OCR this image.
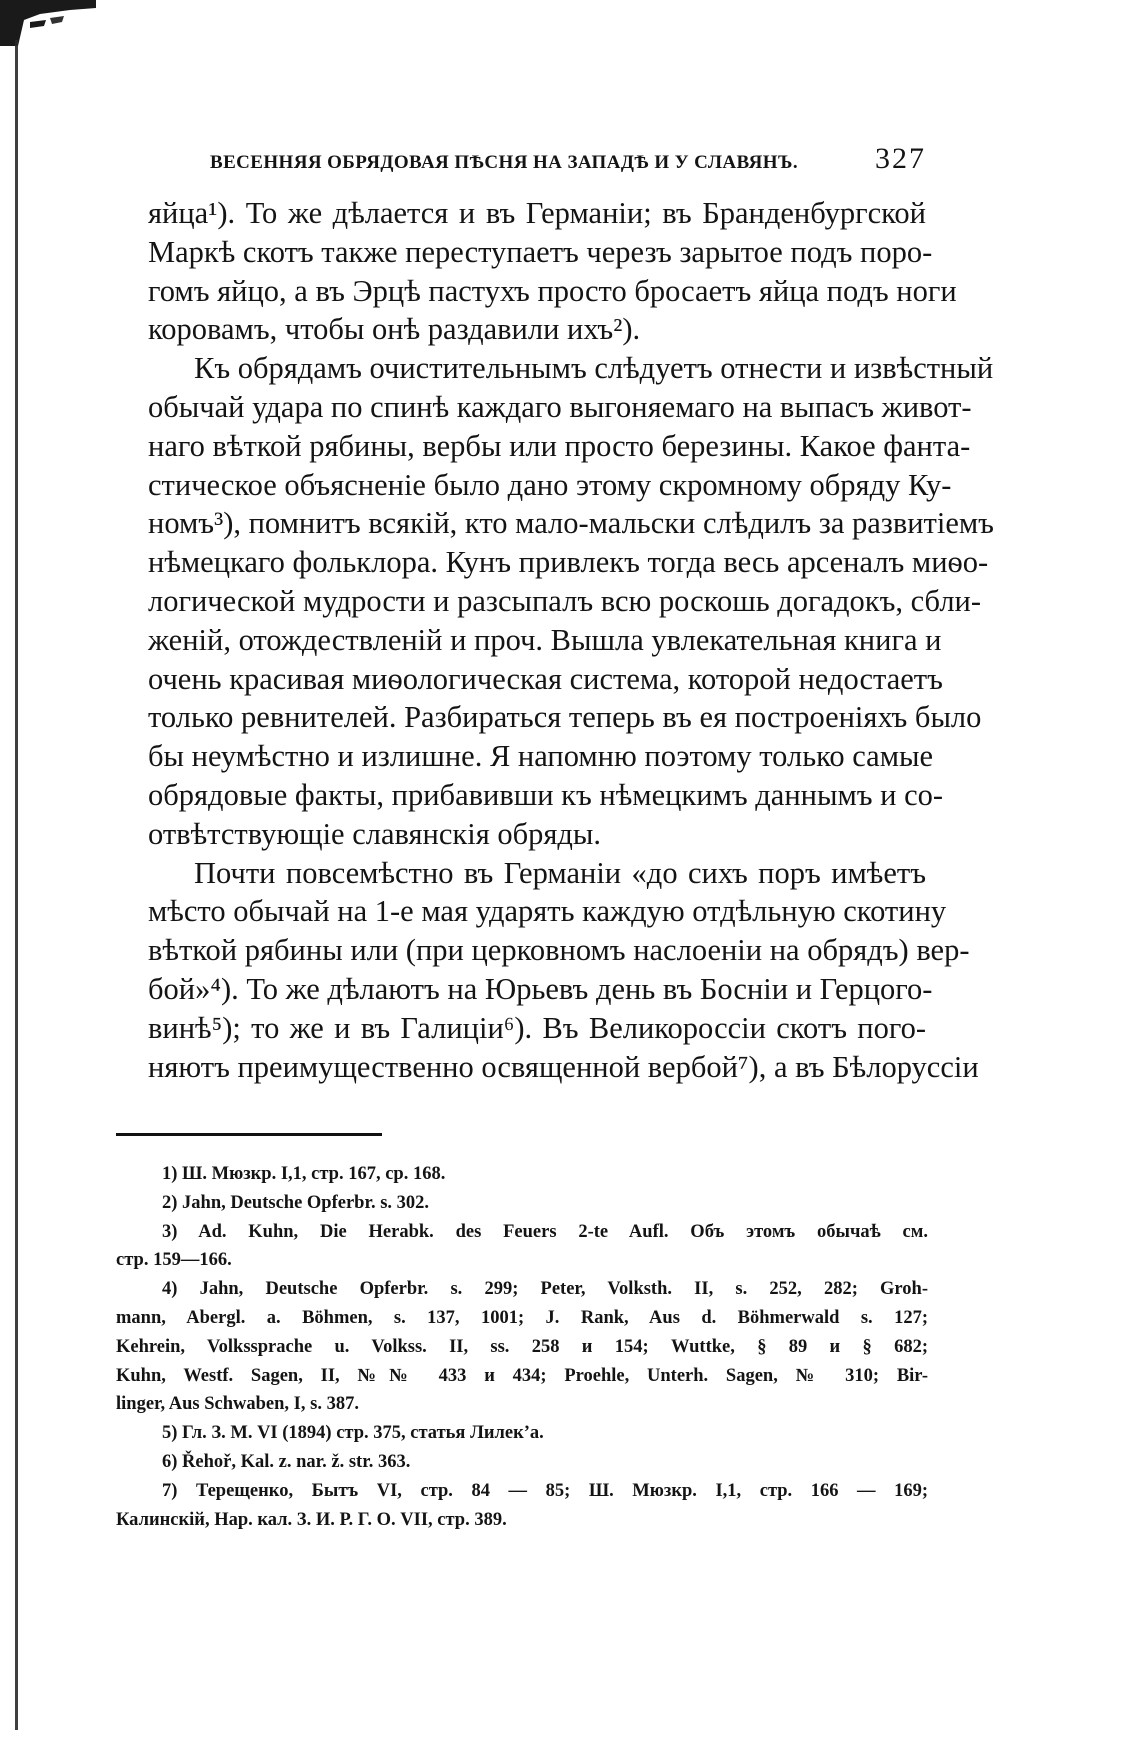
ВЕСЕННЯЯ ОБРЯДОВАЯ ПѢСНЯ НА ЗАПАДѢ И У СЛАВЯНЪ.	327
яйца¹). То же дѣлается и въ Германіи; въ Бранденбургской
Маркѣ скотъ также переступаетъ черезъ зарытое подъ поро-
гомъ яйцо, а въ Эрцѣ пастухъ просто бросаетъ яйца подъ ноги
коровамъ, чтобы онѣ раздавили ихъ²).
Къ обрядамъ очистительнымъ слѣдуетъ отнести и извѣстный
обычай удара по спинѣ каждаго выгоняемаго на выпасъ живот-
наго вѣткой рябины, вербы или просто березины. Какое фанта-
стическое объясненіе было дано этому скромному обряду Ку-
номъ³), помнитъ всякій, кто мало-мальски слѣдилъ за развитіемъ
нѣмецкаго фольклора. Кунъ привлекъ тогда весь арсеналъ миѳо-
логической мудрости и разсыпалъ всю роскошь догадокъ, сбли-
женій, отождествленій и проч. Вышла увлекательная книга и
очень красивая миѳологическая система, которой недостаетъ
только ревнителей. Разбираться теперь въ ея построеніяхъ было
бы неумѣстно и излишне. Я напомню поэтому только самые
обрядовые факты, прибавивши къ нѣмецкимъ даннымъ и со-
отвѣтствующіе славянскія обряды.
Почти повсемѣстно въ Германіи «до сихъ поръ имѣетъ
мѣсто обычай на 1-е мая ударять каждую отдѣльную скотину
вѣткой рябины или (при церковномъ наслоеніи на обрядъ) вер-
бой»⁴). То же дѣлаютъ на Юрьевъ день въ Босніи и Герцого-
винѣ⁵); то же и въ Галиціи⁶). Въ Великороссіи скотъ пого-
няютъ преимущественно освященной вербой⁷), а въ Бѣлоруссіи
1) Ш. Мюзкр. I,1, стр. 167, ср. 168.
2) Jahn, Deutsche Opferbr. s. 302.
3) Ad. Kuhn, Die Herabk. des Feuers 2-te Aufl. Объ этомъ обычаѣ см.
стр. 159—166.
4) Jahn, Deutsche Opferbr. s. 299; Peter, Volksth. II, s. 252, 282; Groh-
mann, Abergl. a. Böhmen, s. 137, 1001; J. Rank, Aus d. Böhmerwald s. 127;
Kehrein, Volkssprache u. Volkss. II, ss. 258 и 154; Wuttke, § 89 и § 682;
Kuhn, Westf. Sagen, II, №№ 433 и 434; Proehle, Unterh. Sagen, № 310; Bir-
linger, Aus Schwaben, I, s. 387.
5) Гл. З. М. VI (1894) стр. 375, статья Лилек’а.
6) Řehoř, Kal. z. nar. ž. str. 363.
7) Терещенко, Бытъ VI, стр. 84 — 85; Ш. Мюзкр. I,1, стр. 166 — 169;
Калинскій, Нар. кал. З. И. Р. Г. О. VII, стр. 389.
